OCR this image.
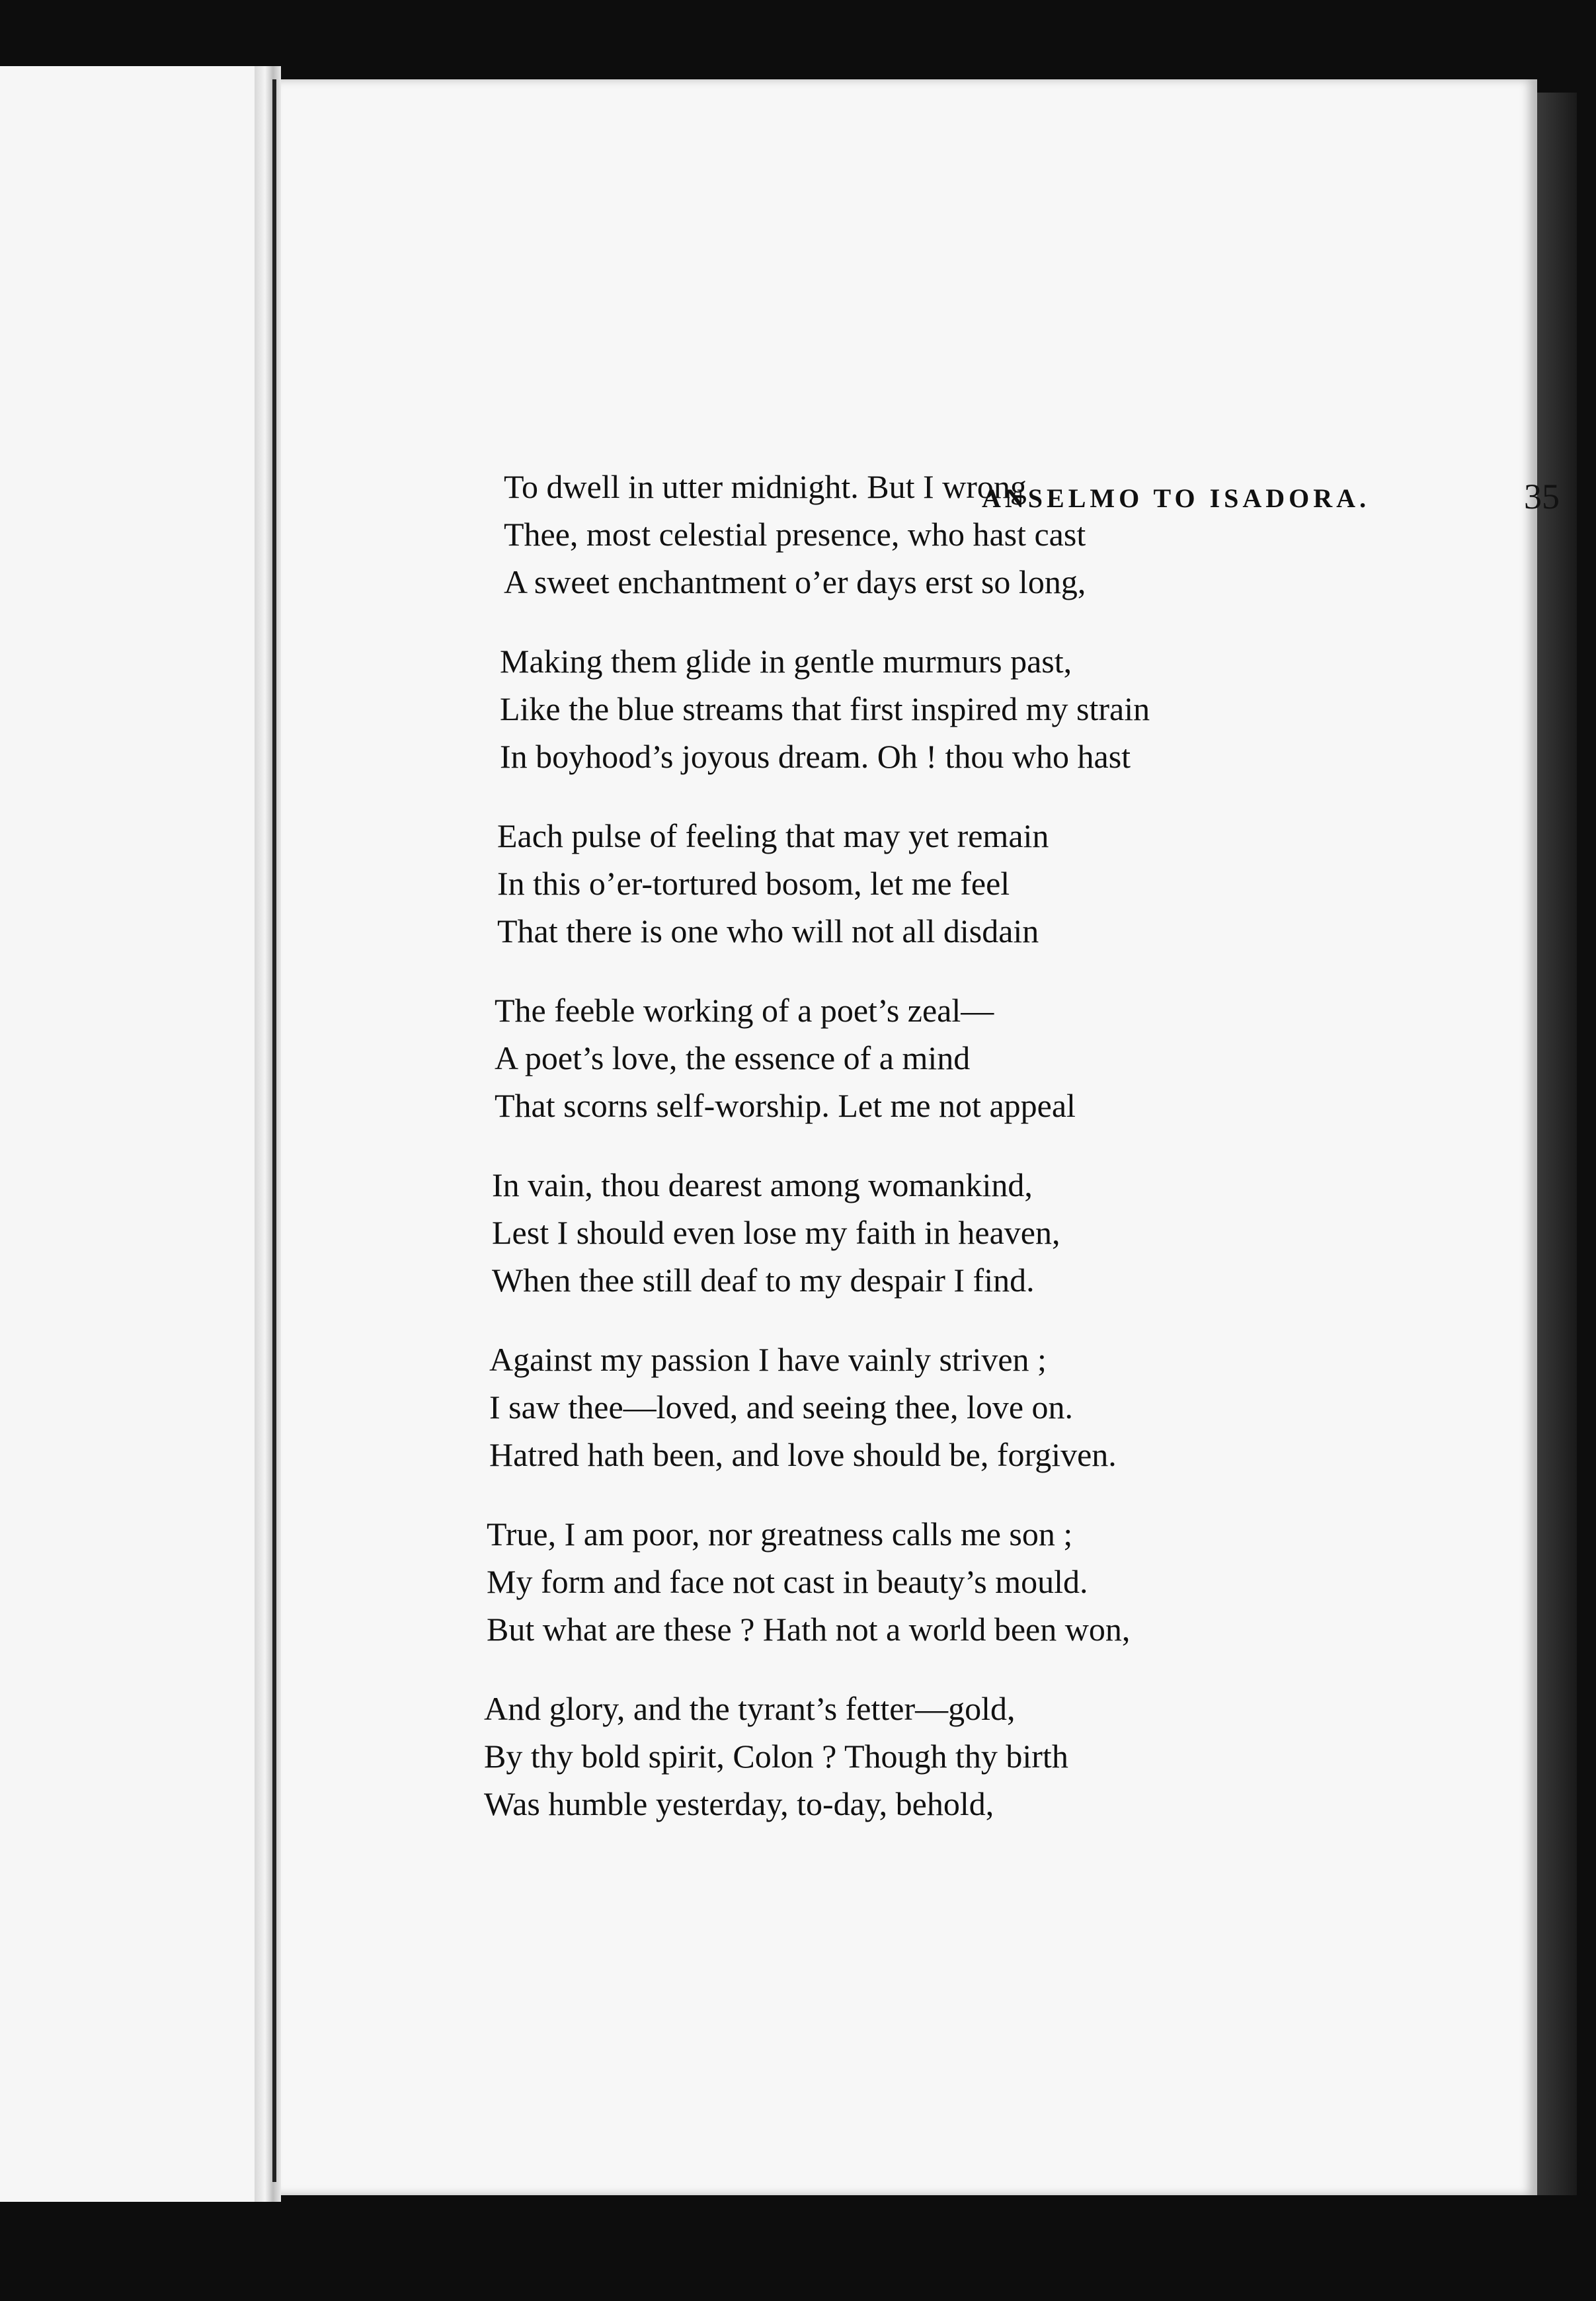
ANSELMO TO ISADORA.	35
To dwell in utter midnight. But I wrong
Thee, most celestial presence, who hast cast
A sweet enchantment o’er days erst so long,
Making them glide in gentle murmurs past,
Like the blue streams that first inspired my strain
In boyhood’s joyous dream. Oh ! thou who hast
Each pulse of feeling that may yet remain
In this o’er-tortured bosom, let me feel
That there is one who will not all disdain
The feeble working of a poet’s zeal—
A poet’s love, the essence of a mind
That scorns self-worship. Let me not appeal
In vain, thou dearest among womankind,
Lest I should even lose my faith in heaven,
When thee still deaf to my despair I find.
Against my passion I have vainly striven ;
I saw thee—loved, and seeing thee, love on.
Hatred hath been, and love should be, forgiven.
True, I am poor, nor greatness calls me son ;
My form and face not cast in beauty’s mould.
But what are these ? Hath not a world been won,
And glory, and the tyrant’s fetter—gold,
By thy bold spirit, Colon ? Though thy birth
Was humble yesterday, to-day, behold,
